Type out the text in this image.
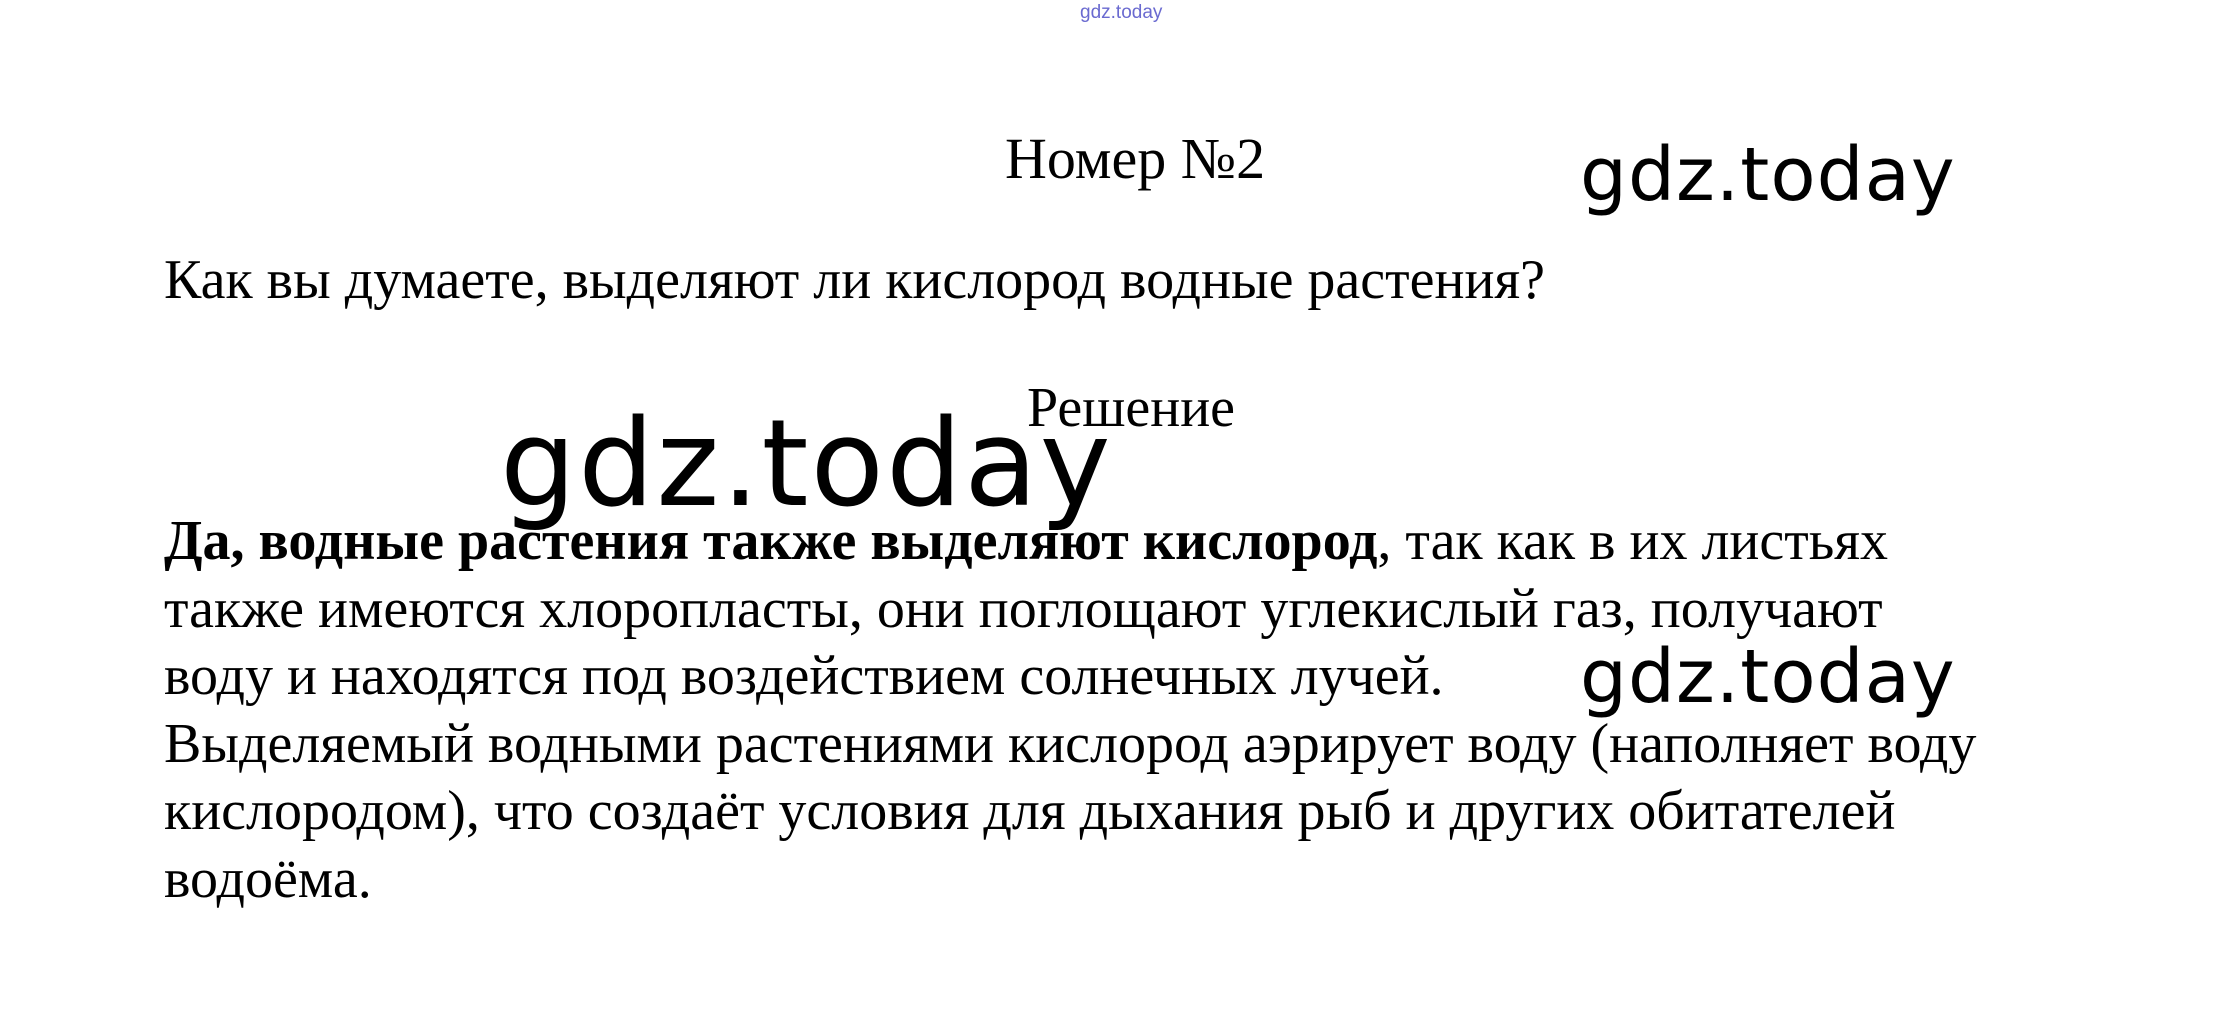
gdz.today
Номер №2	gdz.today
Как вы думаете, выделяют ли кислород водные растения?
Решение
gdz.today
Да, водные растения также выделяют кислород, так как в их листьях
также имеются хлоропласты, они поглощают углекислый газ, получают
воду и находятся под воздействием солнечных лучей.
Выделяемый водными растениями кислород аэрирует воду (наполняет воду
кислородом), что создаёт условия для дыхания рыб и других обитателей
водоёма.
gdz.today
